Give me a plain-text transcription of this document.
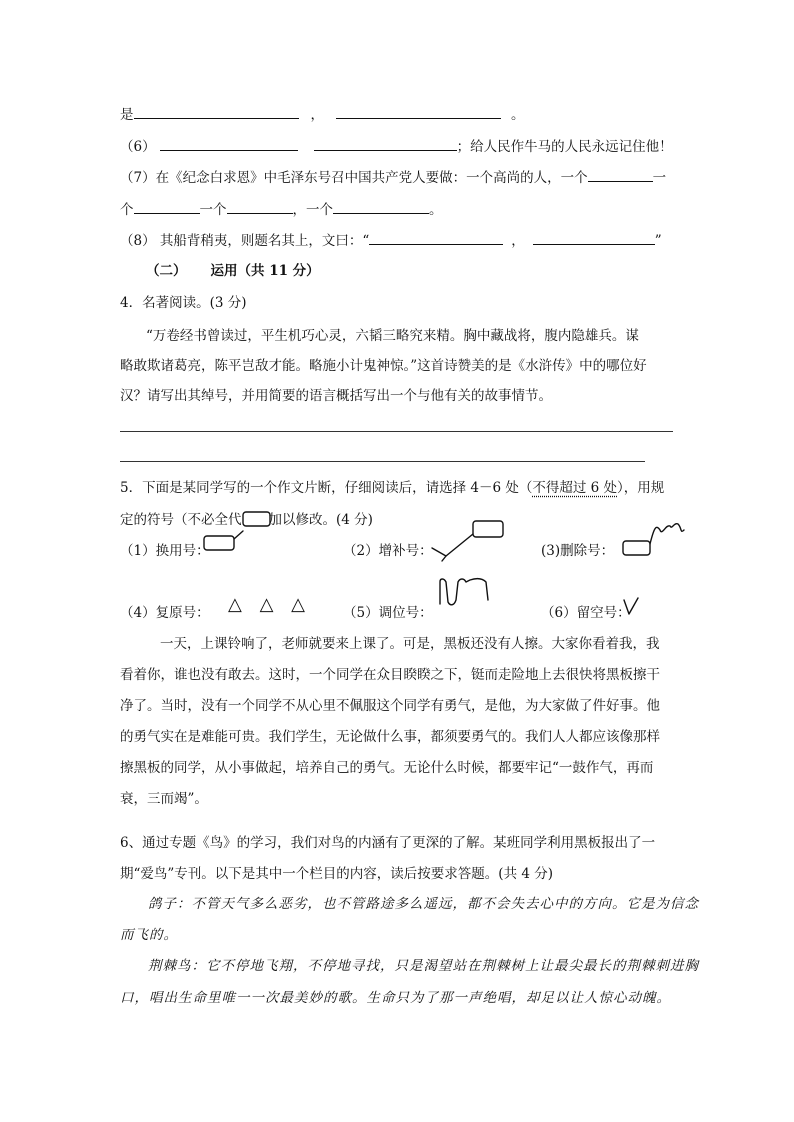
是	，	。
（6）	；给人民作牛马的人民永远记住他！
（7）在《纪念白求恩》中毛泽东号召中国共产党人要做：一个高尚的人，一个	一
个	一个	，一个	。
（8） 其船背稍夷，则题名其上，文曰：“	，	”
（二） 运用（共 11 分）
4．名著阅读。(3 分)
“万卷经书曾读过，平生机巧心灵，六韬三略究来精。胸中藏战将，腹内隐雄兵。谋
略敢欺诸葛亮，陈平岂敌才能。略施小计鬼神惊。”这首诗赞美的是《水浒传》中的哪位好
汉？请写出其绰号，并用简要的语言概括写出一个与他有关的故事情节。
5．下面是某同学写的一个作文片断，仔细阅读后，请选择 4－6 处（不得超过 6 处），用规
定的符号（不必全代 加以修改。(4 分)
（1）换用号：	（2）增补号：	(3)删除号：
（4）复原号： △ △ △ （5）调位号：	（6）留空号：
一天，上课铃响了，老师就要来上课了。可是，黑板还没有人擦。大家你看着我，我
看着你，谁也没有敢去。这时，一个同学在众目睽睽之下，铤而走险地上去很快将黑板擦干
净了。当时，没有一个同学不从心里不佩服这个同学有勇气，是他，为大家做了件好事。他
的勇气实在是难能可贵。我们学生，无论做什么事，都须要勇气的。我们人人都应该像那样
擦黑板的同学，从小事做起，培养自己的勇气。无论什么时候，都要牢记“一鼓作气，再而
衰，三而竭”。
6、通过专题《鸟》的学习，我们对鸟的内涵有了更深的了解。某班同学利用黑板报出了一
期“爱鸟”专刊。以下是其中一个栏目的内容，读后按要求答题。(共 4 分)
鸽子：不管天气多么恶劣，也不管路途多么遥远，都不会失去心中的方向。它是为信念
而飞的。
荆棘鸟：它不停地飞翔，不停地寻找，只是渴望站在荆棘树上让最尖最长的荆棘刺进胸
口，唱出生命里唯一一次最美妙的歌。生命只为了那一声绝唱，却足以让人惊心动魄。
